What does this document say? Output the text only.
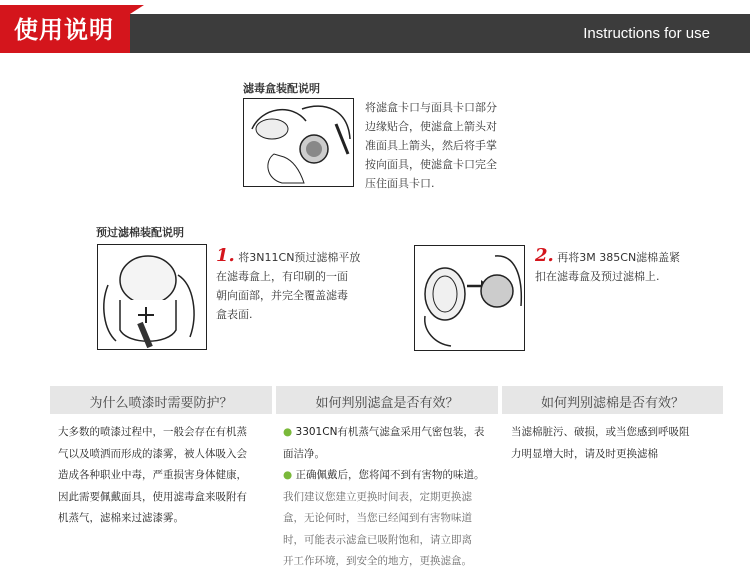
使用说明	Instructions for use
滤毒盒装配说明
将滤盒卡口与面具卡口部分
边缘贴合，使滤盒上箭头对
准面具上箭头，然后将手掌
按向面具，使滤盒卡口完全
压住面具卡口.
预过滤棉装配说明
1. 将3N11CN预过滤棉平放
在滤毒盒上，有印刷的一面
朝向面部，并完全覆盖滤毒
盒表面.
2. 再将3M 385CN滤棉盖紧
扣在滤毒盒及预过滤棉上.
为什么喷漆时需要防护？	如何判别滤盒是否有效？	如何判别滤棉是否有效？
大多数的喷漆过程中，一般会存在有机蒸
气以及喷洒而形成的漆雾，被人体吸入会
造成各种职业中毒，严重损害身体健康，
因此需要佩戴面具，使用滤毒盒来吸附有
机蒸气，滤棉来过滤漆雾。
● 3301CN有机蒸气滤盒采用气密包装，表
面洁净。
● 正确佩戴后，您将闻不到有害物的味道。
我们建议您建立更换时间表，定期更换滤
盒，无论何时，当您已经闻到有害物味道
时，可能表示滤盒已吸附饱和，请立即离
开工作环境，到安全的地方，更换滤盒。
当滤棉脏污、破损，或当您感到呼吸阻
力明显增大时，请及时更换滤棉
